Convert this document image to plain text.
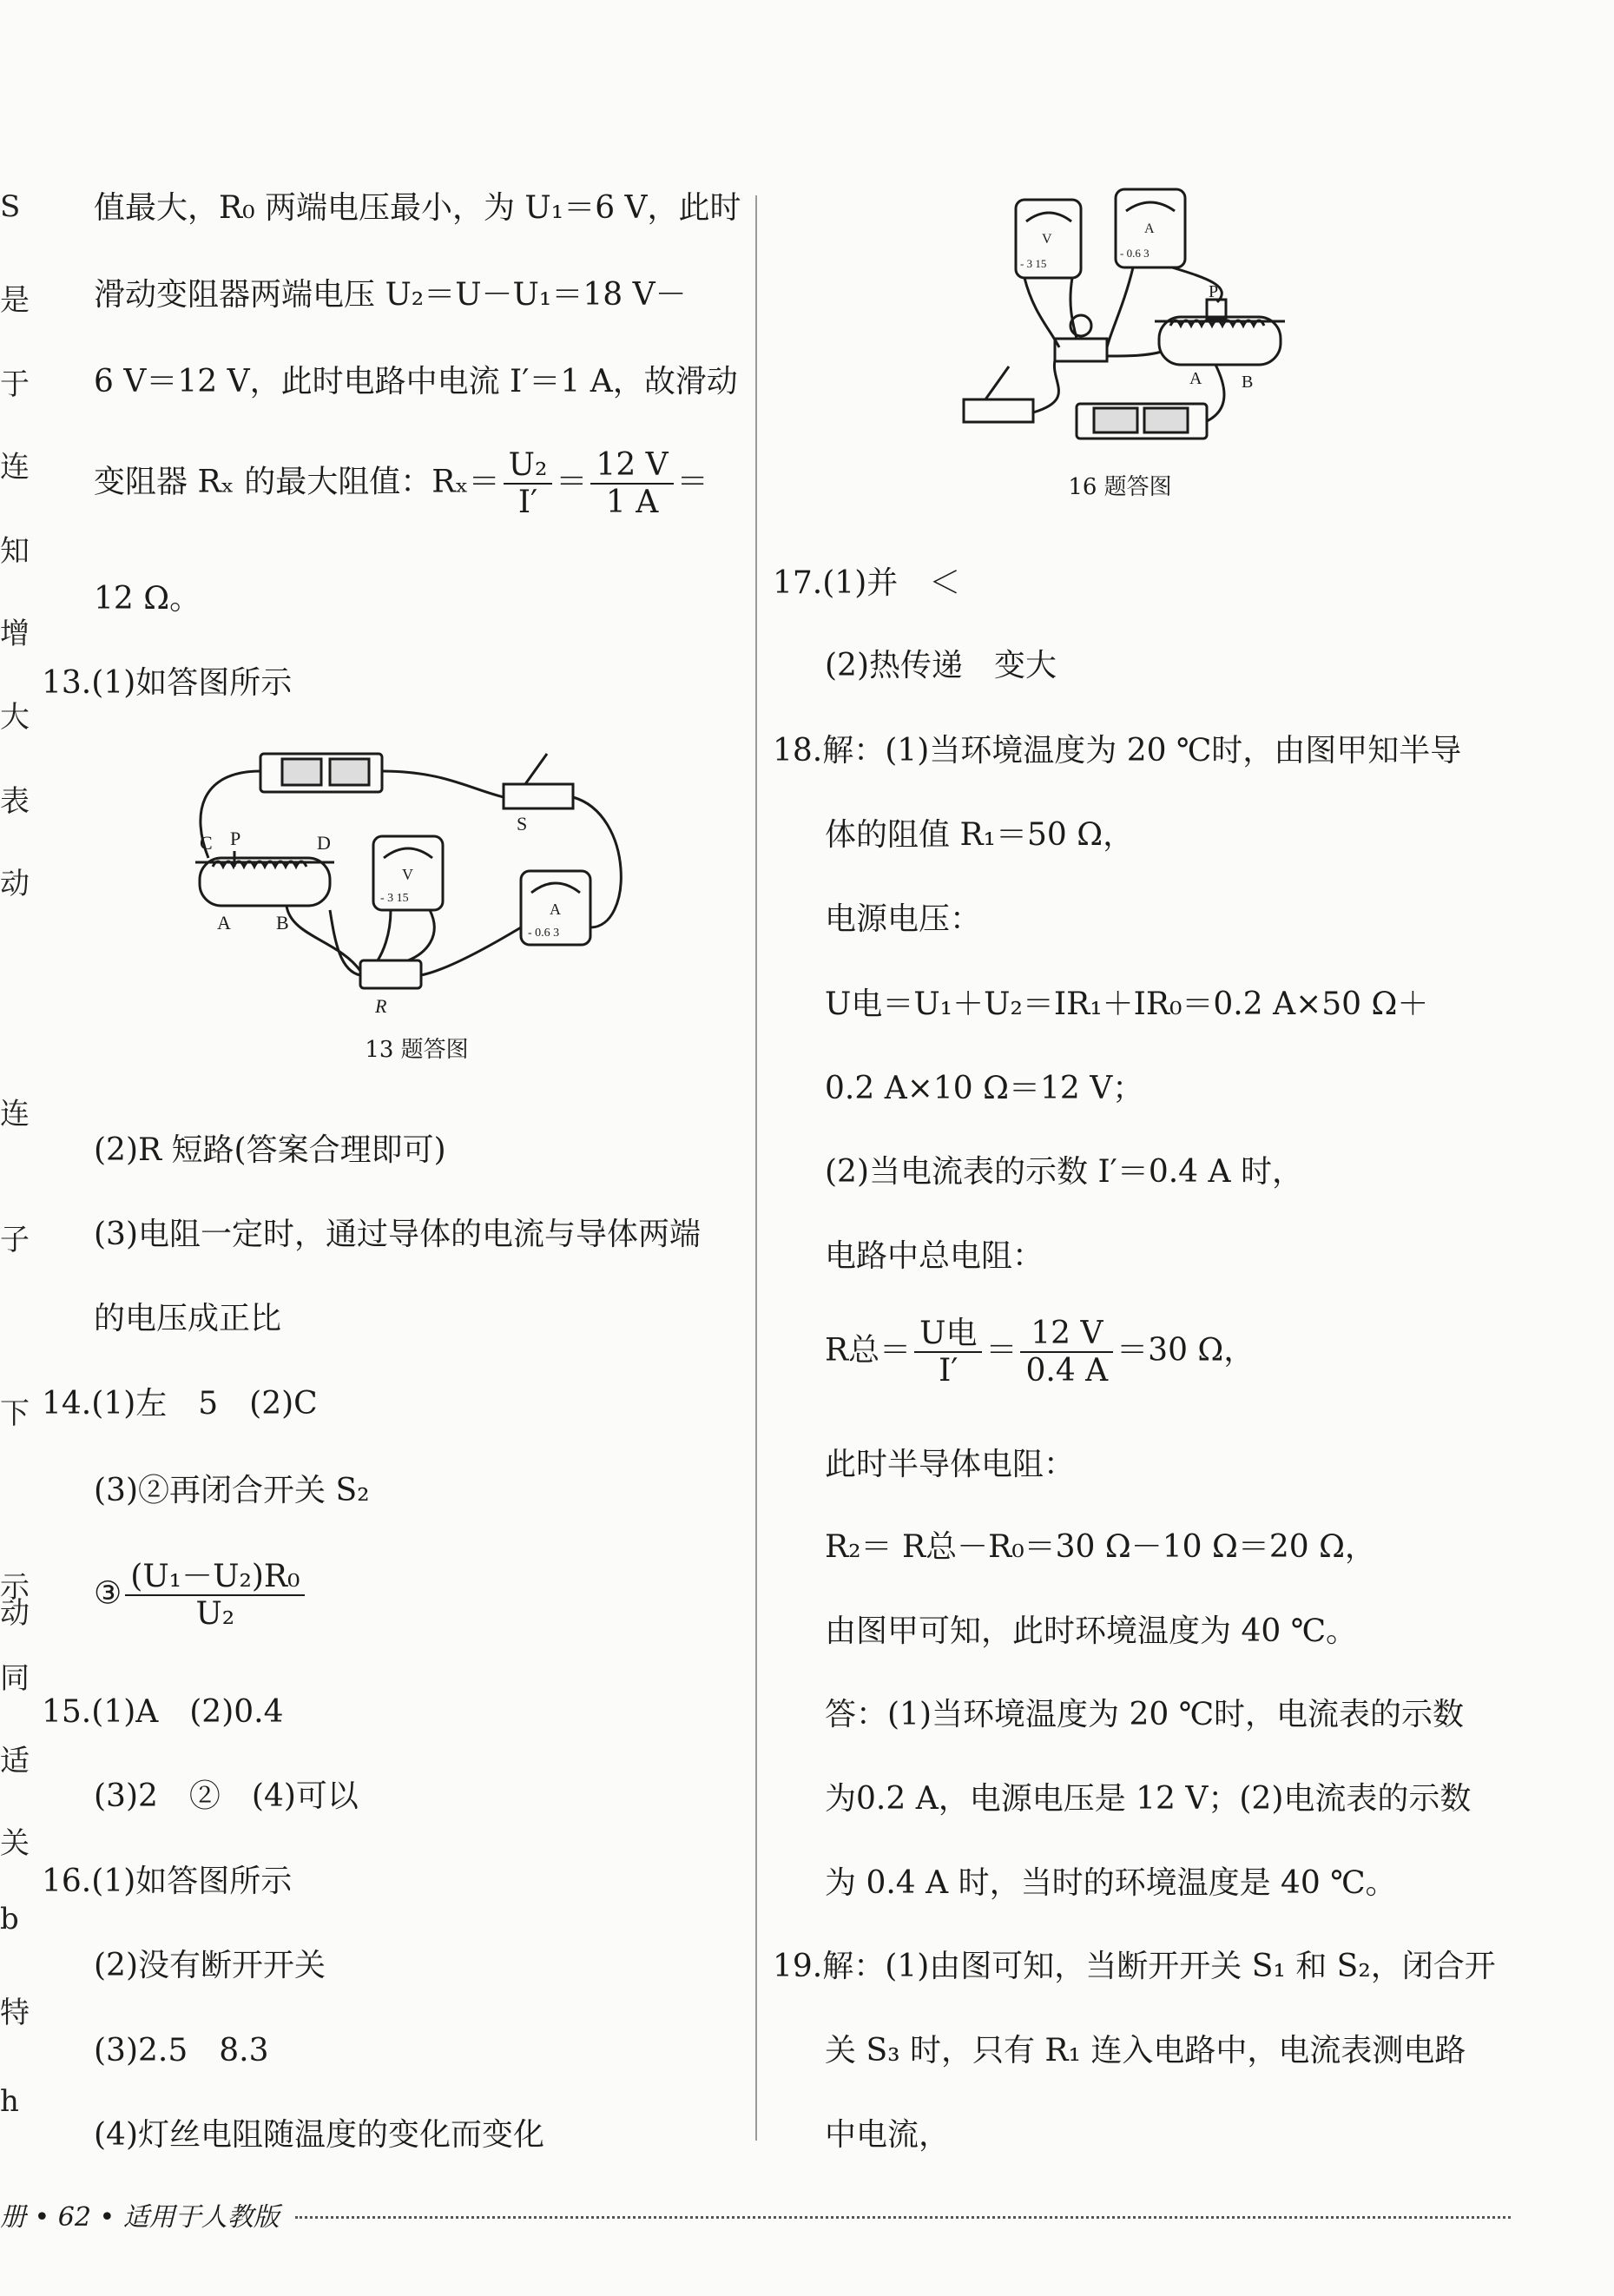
S
是
于
连
知
增
大
表
动
连
子
下
示
动
同
适
关
b
特
h
值最大，R₀ 两端电压最小，为 U₁＝6 V，此时
滑动变阻器两端电压 U₂＝U－U₁＝18 V－
6 V＝12 V，此时电路中电流 I′＝1 A，故滑动
变阻器 Rₓ 的最大阻值：$R_x= \frac{\text{U₂}}{I'} = \frac{12 V}{1 A}$ ＝
12 Ω。
13.(1)如答图所示
C P	D
A B
S
R
V
A
- 3 15
- 0.6 3
13 题答图
(2)R 短路(答案合理即可)
(3)电阻一定时，通过导体的电流与导体两端
的电压成正比
14.(1)左　5　(2)C
(3)②再闭合开关 S₂
③ $\frac{\text{(U₁－U₂)R₀}}{\text{U₂}}$
15.(1)A　(2)0.4
(3)2　②　(4)可以
16.(1)如答图所示
(2)没有断开开关
(3)2.5　8.3
(4)灯丝电阻随温度的变化而变化
V
A
P
A B
- 3 15
- 0.6 3
16 题答图
17.(1)并　＜
(2)热传递　变大
18.解：(1)当环境温度为 20 ℃时，由图甲知半导
体的阻值 R₁＝50 Ω，
电源电压：
U电＝U₁＋U₂＝IR₁＋IR₀＝0.2 A×50 Ω＋
0.2 A×10 Ω＝12 V；
(2)当电流表的示数 I′＝0.4 A 时，
电路中总电阻：
R总＝ $\frac{\text{U电}}{I'} = \frac{12 V}{0.4 A} =30$ Ω，
此时半导体电阻：
R₂＝ R总－R₀＝30 Ω－10 Ω＝20 Ω，
由图甲可知，此时环境温度为 40 ℃。
答：(1)当环境温度为 20 ℃时，电流表的示数
为0.2 A，电源电压是 12 V；(2)电流表的示数
为 0.4 A 时，当时的环境温度是 40 ℃。
19.解：(1)由图可知，当断开开关 S₁ 和 S₂，闭合开
关 S₃ 时，只有 R₁ 连入电路中，电流表测电路
中电流，
册 • 62 • 适用于人教版
